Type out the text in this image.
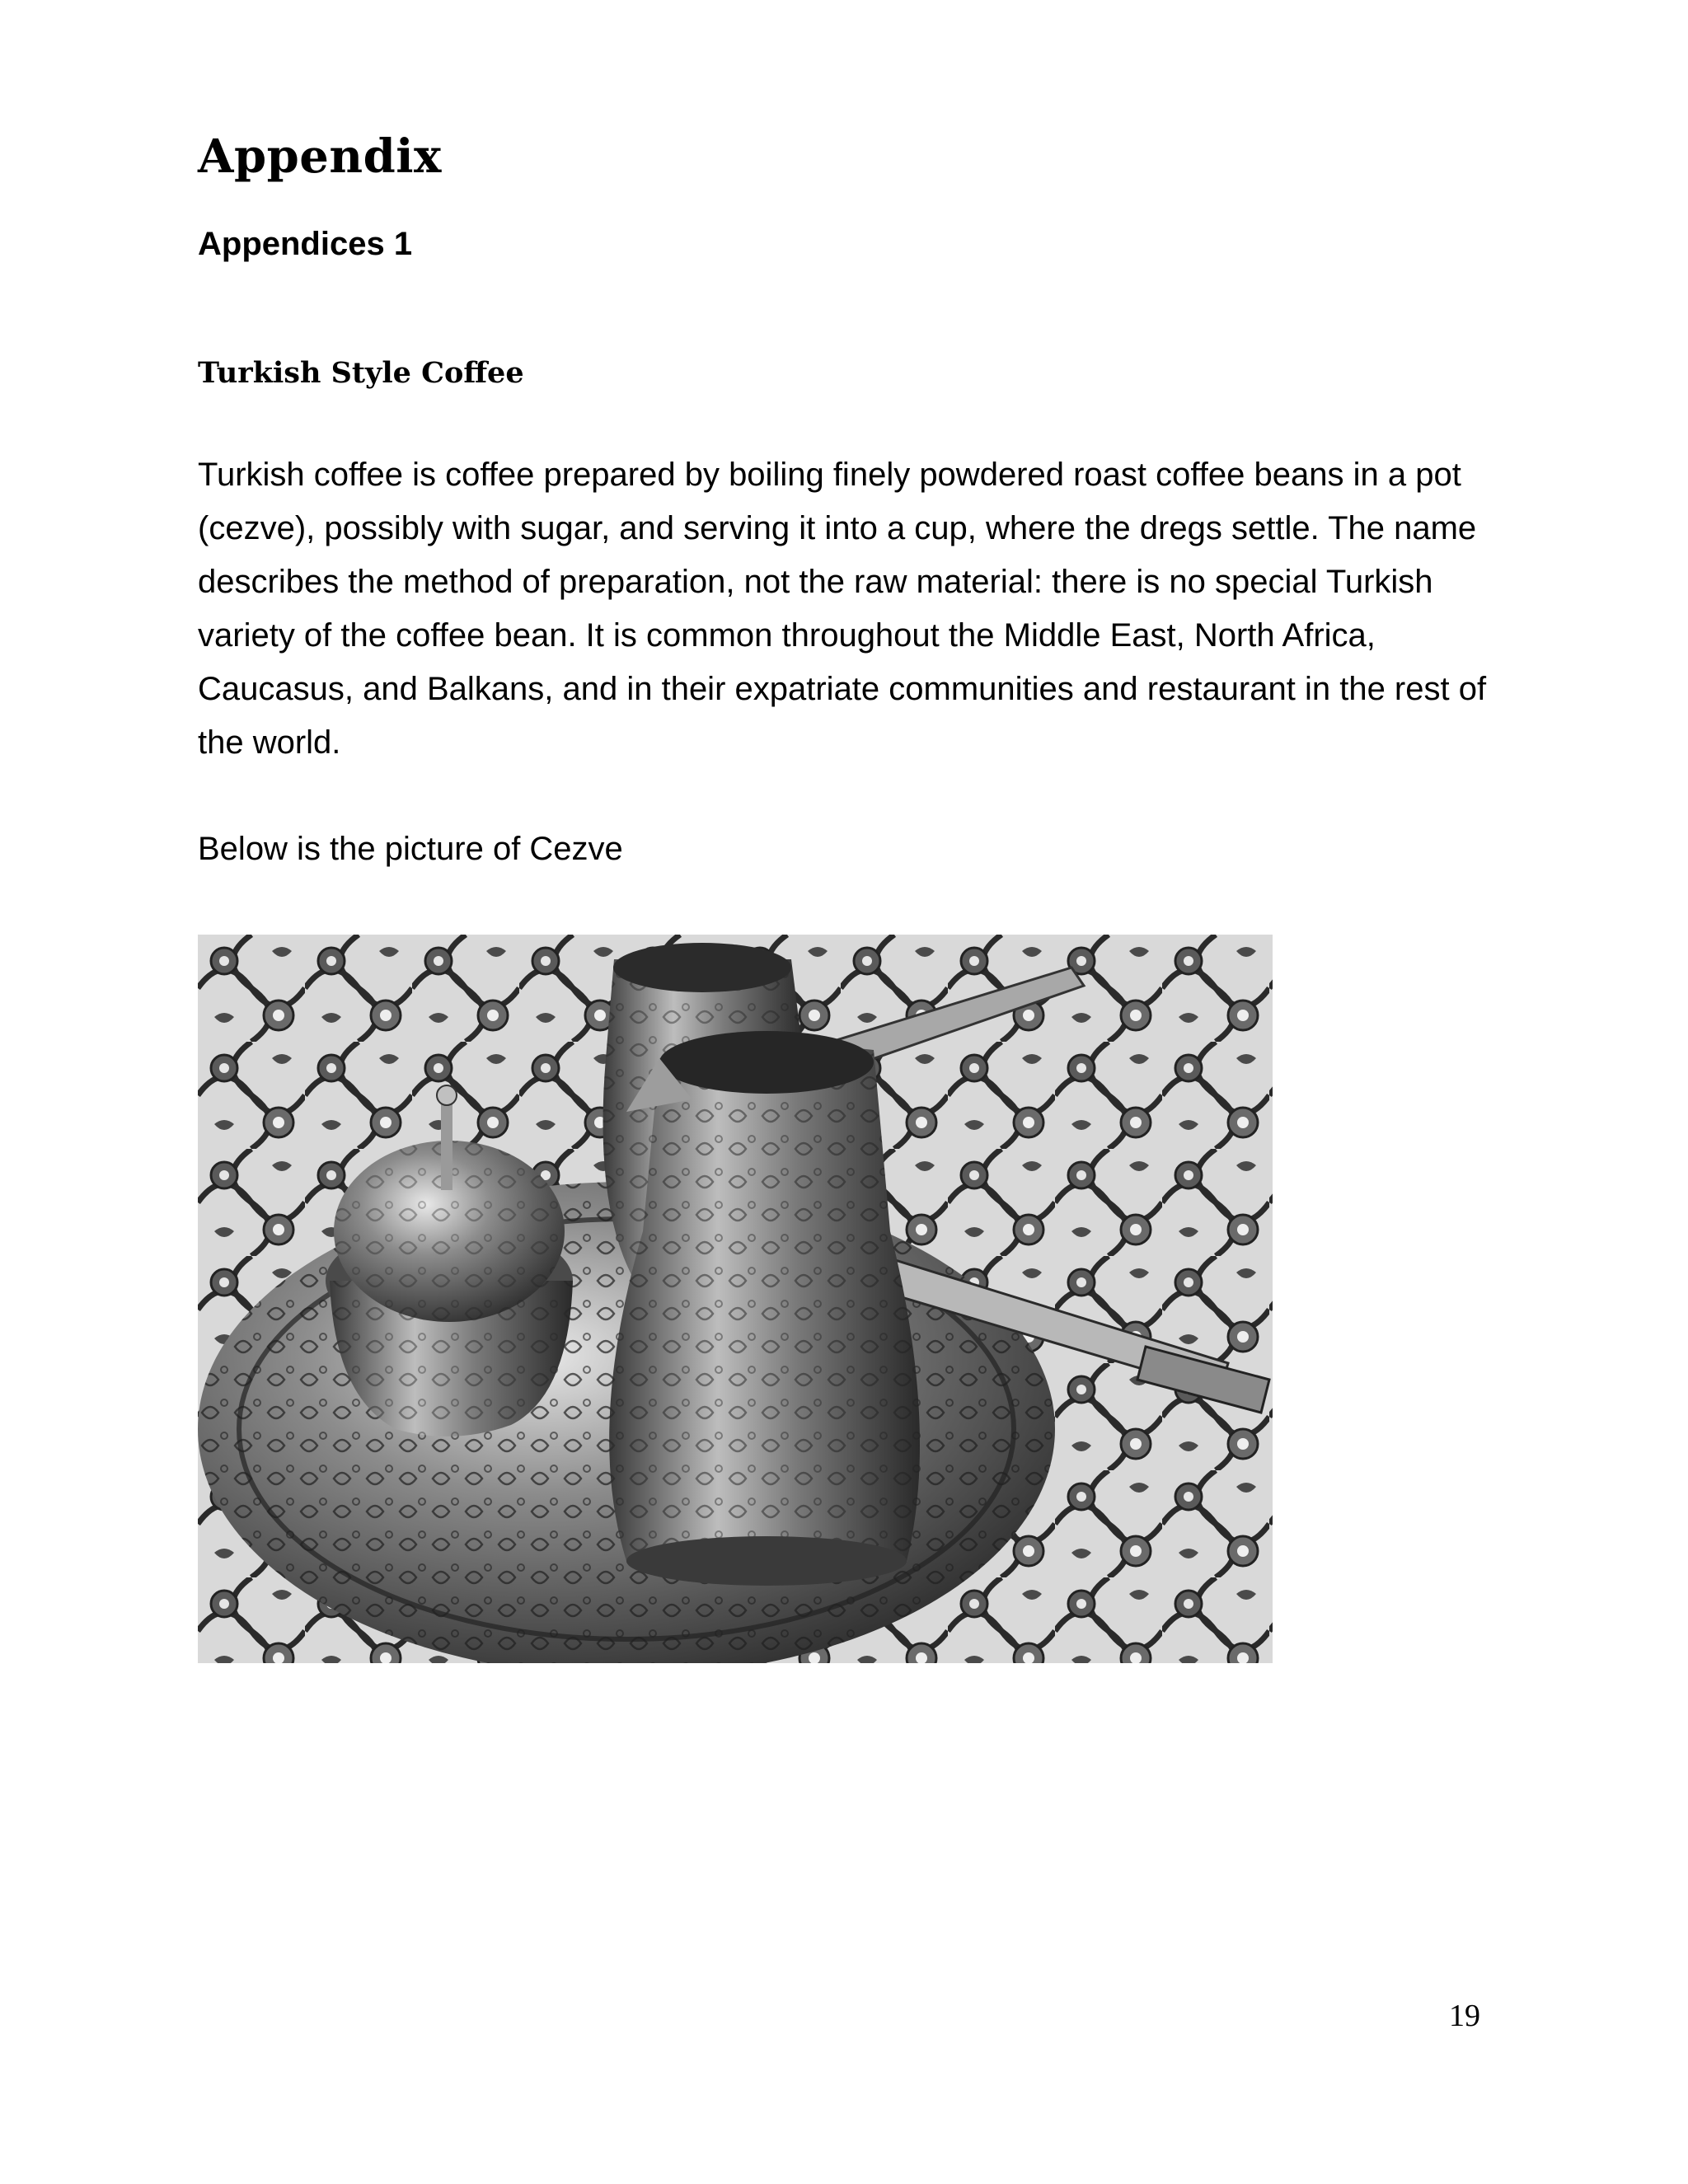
Appendix
Appendices 1
Turkish Style Coffee

Turkish coffee is coffee prepared by boiling finely powdered roast coffee beans in a pot (cezve), possibly with sugar, and serving it into a cup, where the dregs settle. The name describes the method of preparation, not the raw material: there is no special Turkish variety of the coffee bean. It is common throughout the Middle East, North Africa, Caucasus, and Balkans, and in their expatriate communities and restaurant in the rest of the world.

Below is the picture of Cezve
19
